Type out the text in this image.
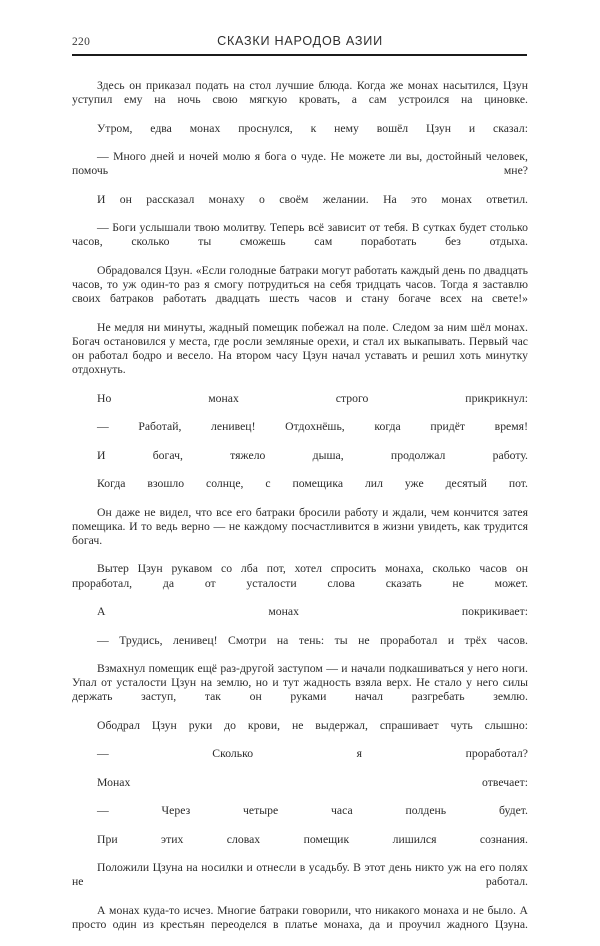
220	СКАЗКИ НАРОДОВ АЗИИ

Здесь он приказал подать на стол лучшие блюда. Когда же монах насытился, Цзун уступил ему на ночь свою мягкую кровать, а сам устроился на циновке.

Утром, едва монах проснулся, к нему вошёл Цзун и сказал:

— Много дней и ночей молю я бога о чуде. Не можете ли вы, достойный человек, помочь мне?

И он рассказал монаху о своём желании. На это монах ответил.

— Боги услышали твою молитву. Теперь всё зависит от тебя. В сутках будет столько часов, сколько ты сможешь сам поработать без отдыха.

Обрадовался Цзун. «Если голодные батраки могут работать каждый день по двадцать часов, то уж один-то раз я смогу потрудиться на себя тридцать часов. Тогда я заставлю своих батраков работать двадцать шесть часов и стану богаче всех на свете!»

Не медля ни минуты, жадный помещик побежал на поле. Следом за ним шёл монах. Богач остановился у места, где росли земляные орехи, и стал их выкапывать. Первый час он работал бодро и весело. На втором часу Цзун начал уставать и решил хоть минутку отдохнуть.

Но монах строго прикрикнул:

— Работай, ленивец! Отдохнёшь, когда придёт время!

И богач, тяжело дыша, продолжал работу.

Когда взошло солнце, с помещика лил уже десятый пот.

Он даже не видел, что все его батраки бросили работу и ждали, чем кончится затея помещика. И то ведь верно — не каждому посчастливится в жизни увидеть, как трудится богач.

Вытер Цзун рукавом со лба пот, хотел спросить монаха, сколько часов он проработал, да от усталости слова сказать не может.

А монах покрикивает:

— Трудись, ленивец! Смотри на тень: ты не проработал и трёх часов.

Взмахнул помещик ещё раз-другой заступом — и начали подкашиваться у него ноги. Упал от усталости Цзун на землю, но и тут жадность взяла верх. Не стало у него силы держать заступ, так он руками начал разгребать землю.

Ободрал Цзун руки до крови, не выдержал, спрашивает чуть слышно:

— Сколько я проработал?

Монах отвечает:

— Через четыре часа полдень будет.

При этих словах помещик лишился сознания.

Положили Цзуна на носилки и отнесли в усадьбу. В этот день никто уж на его полях не работал.

А монах куда-то исчез. Многие батраки говорили, что никакого монаха и не было. А просто один из крестьян переоделся в платье монаха, да и проучил жадного Цзуна.
